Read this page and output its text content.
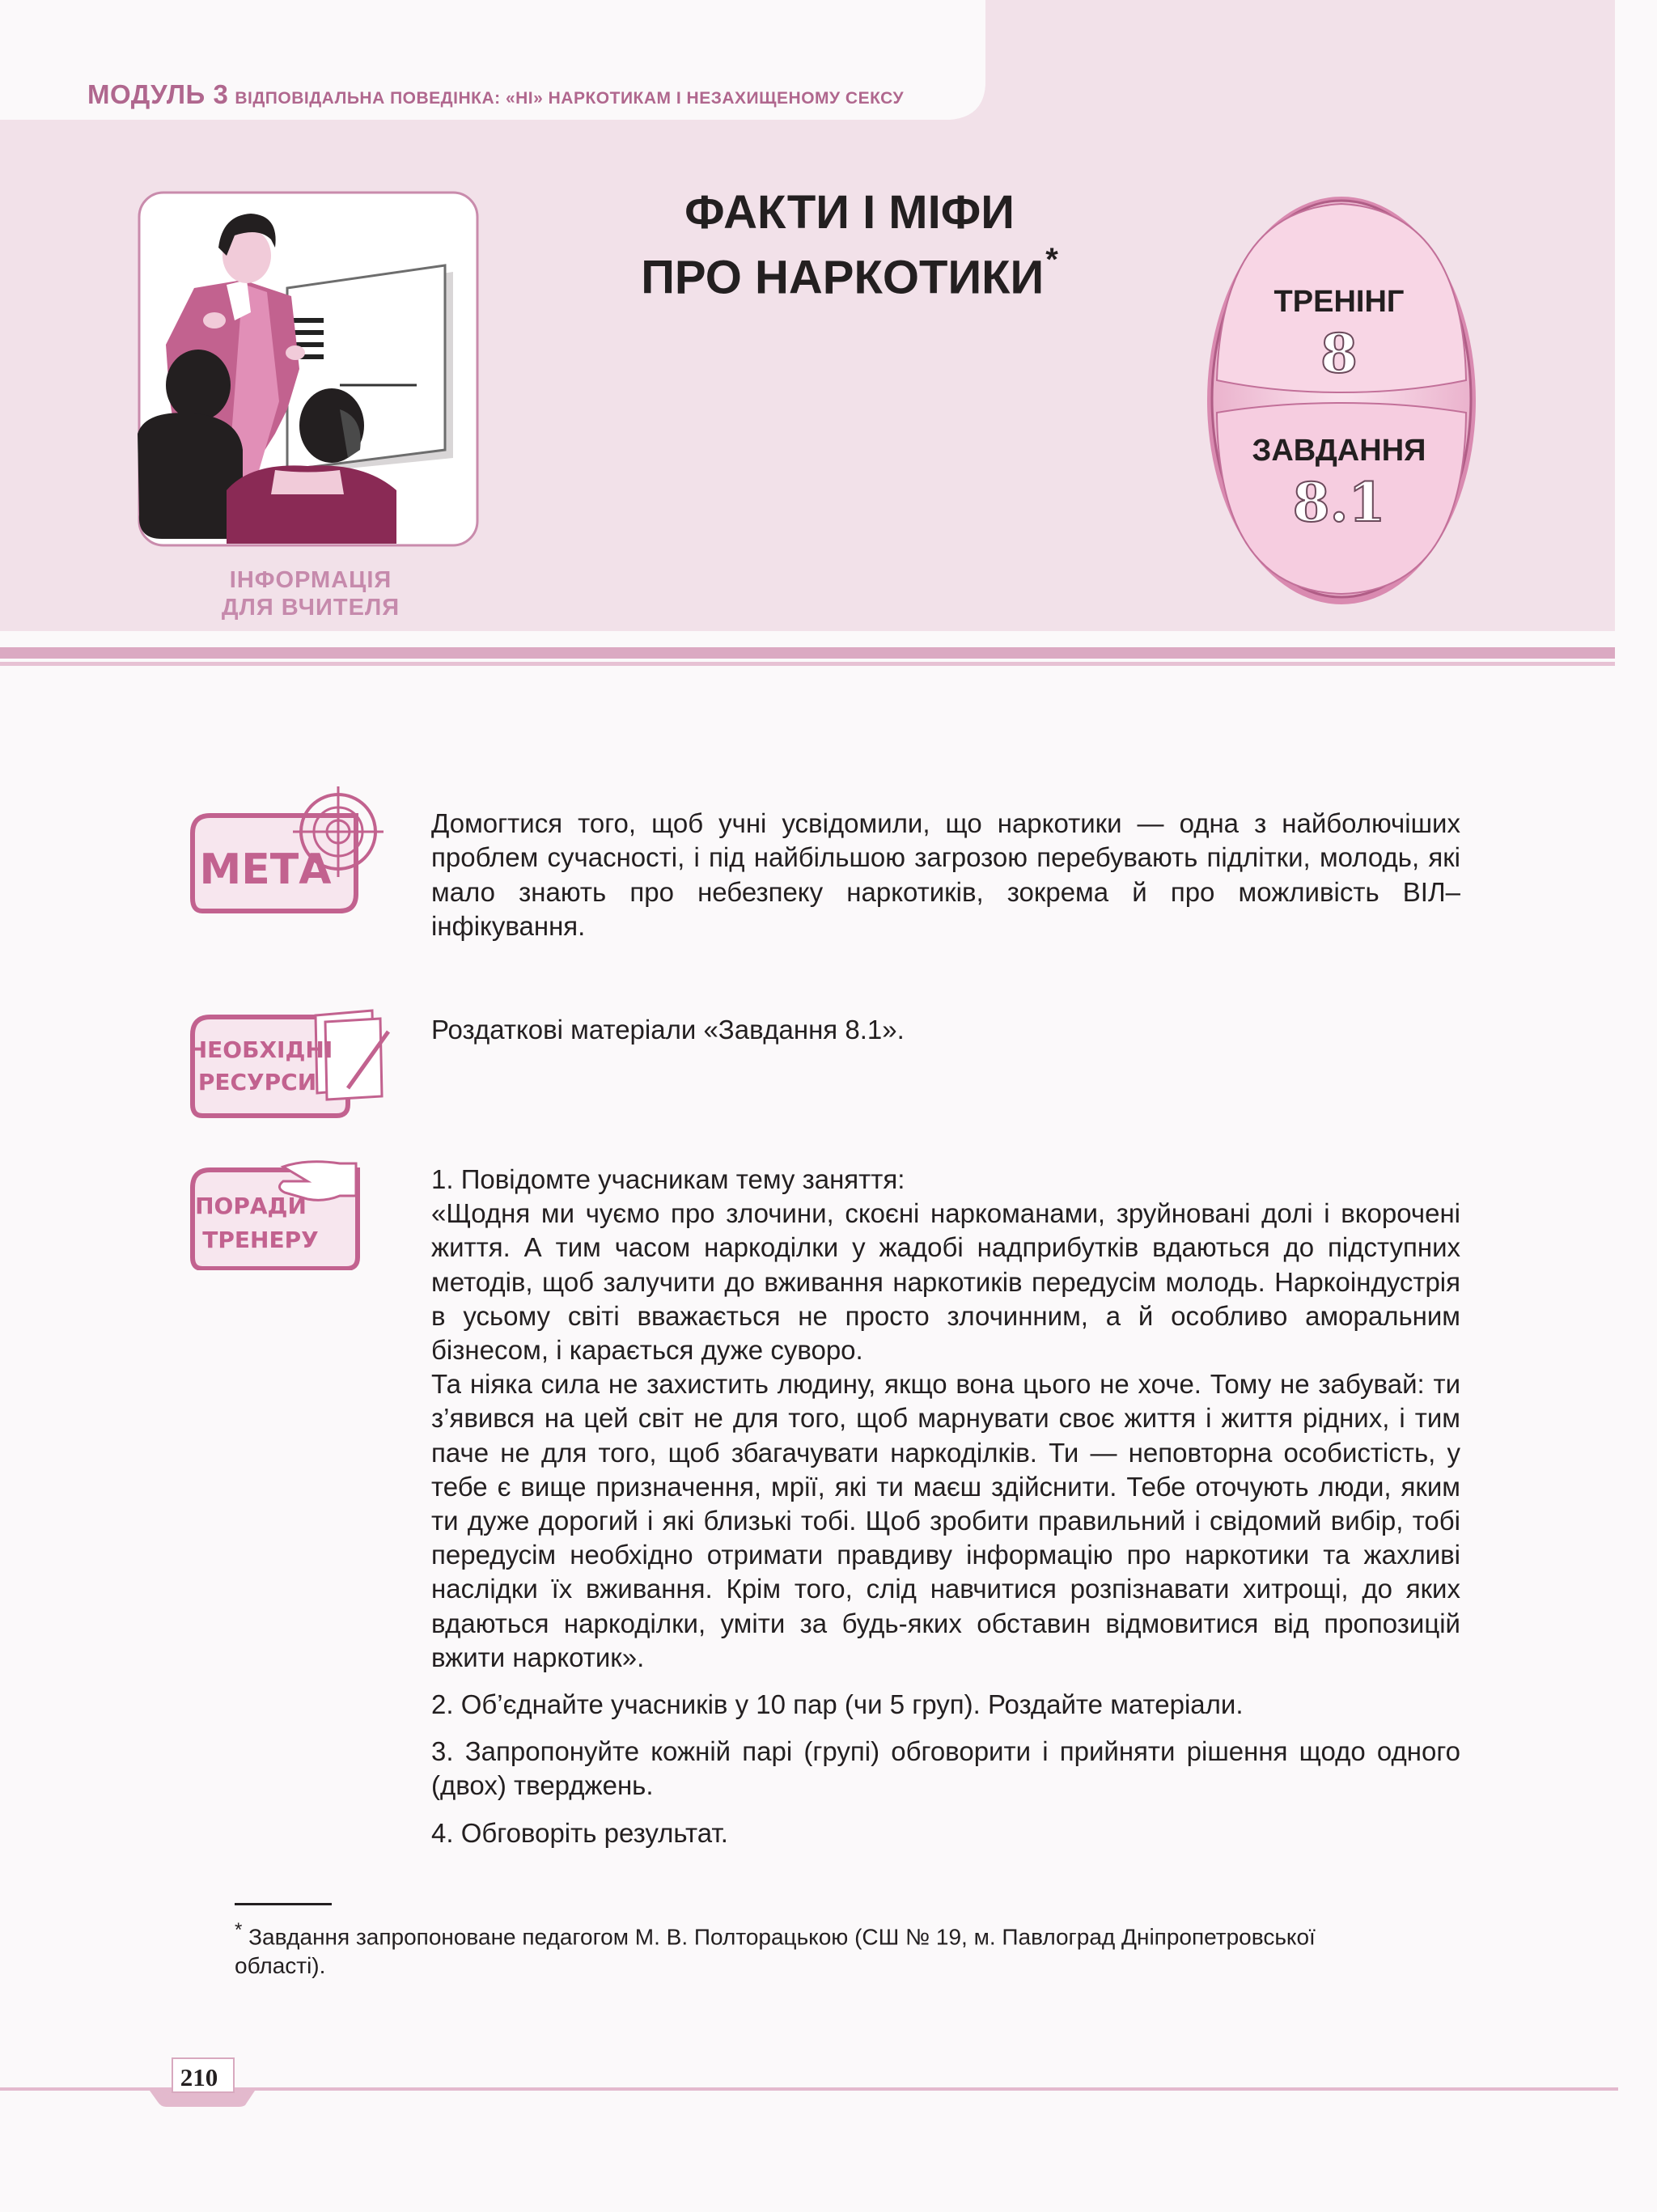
МОДУЛЬ 3 ВІДПОВІДАЛЬНА ПОВЕДІНКА: «НІ» НАРКОТИКАМ І НЕЗАХИЩЕНОМУ СЕКСУ
ІНФОРМАЦІЯ
ДЛЯ ВЧИТЕЛЯ
ФАКТИ І МІФИ
ПРО НАРКОТИКИ*
ТРЕНІНГ
8
ЗАВДАННЯ
8.1
МЕТА
Домогтися того, щоб учні усвідомили, що наркотики — одна з найболючіших проблем сучасності, і під найбільшою загрозою перебувають підлітки, молодь, які мало знають про небезпеку наркотиків, зокрема й про можливість ВІЛ–інфікування.
НЕОБХІДНІ
РЕСУРСИ
Роздаткові матеріали «Завдання 8.1».
ПОРАДИ
ТРЕНЕРУ

1. Повідомте учасникам тему заняття:

«Щодня ми чуємо про злочини, скоєні наркоманами, зруйновані долі і вкорочені життя. А тим часом наркоділки у жадобі надприбутків вдаються до підступних методів, щоб залучити до вживання наркотиків передусім молодь. Наркоіндустрія в усьому світі вважається не просто злочинним, а й особливо аморальним бізнесом, і карається дуже суворо.

Та ніяка сила не захистить людину, якщо вона цього не хоче. Тому не забувай: ти з’явився на цей світ не для того, щоб марнувати своє життя і життя рідних, і тим паче не для того, щоб збагачувати наркоділків. Ти — неповторна особистість, у тебе є вище призначення, мрії, які ти маєш здійснити. Тебе оточують люди, яким ти дуже дорогий і які близькі тобі. Щоб зробити правильний і свідомий вибір, тобі передусім необхідно отримати правдиву інформацію про наркотики та жахливі наслідки їх вживання. Крім того, слід навчитися розпізнавати хитрощі, до яких вдаються наркоділки, уміти за будь-яких обставин відмовитися від пропозицій вжити наркотик».

2. Об’єднайте учасників у 10 пар (чи 5 груп). Роздайте матеріали.

3. Запропонуйте кожній парі (групі) обговорити і прийняти рішення щодо одного (двох) тверджень.

4. Обговоріть результат.

* Завдання запропоноване педагогом М. В. Полторацькою (СШ № 19, м. Павлоград Дніпропетровської області).
210
